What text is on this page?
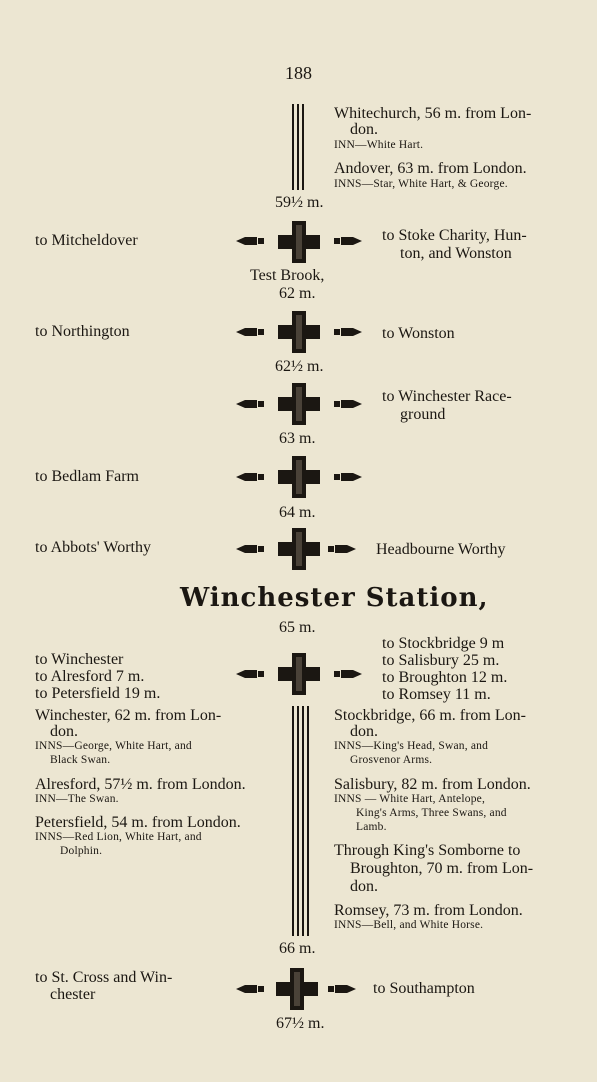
188
Whitechurch, 56 m. from Lon-
don.
INN—White Hart.
Andover, 63 m. from London.
INNS—Star, White Hart, & George.
59½ m.
to Mitcheldover	to Stoke Charity, Hun-
ton, and Wonston
Test Brook,
62 m.
to Northington	to Wonston
62½ m.
to Winchester Race-
ground
63 m.
to Bedlam Farm
64 m.
to Abbots' Worthy	Headbourne Worthy
Winchester Station,
65 m.
to Winchester
to Alresford 7 m.
to Petersfield 19 m.
to Stockbridge 9 m
to Salisbury 25 m.
to Broughton 12 m.
to Romsey 11 m.
Winchester, 62 m. from Lon-
don.
INNS—George, White Hart, and
Black Swan.
Alresford, 57½ m. from London.
INN—The Swan.
Petersfield, 54 m. from London.
INNS—Red Lion, White Hart, and
Dolphin.
Stockbridge, 66 m. from Lon-
don.
INNS—King's Head, Swan, and
Grosvenor Arms.
Salisbury, 82 m. from London.
INNS — White Hart, Antelope,
King's Arms, Three Swans, and
Lamb.
Through King's Somborne to
Broughton, 70 m. from Lon-
don.
Romsey, 73 m. from London.
INNS—Bell, and White Horse.
66 m.
to St. Cross and Win-
chester	to Southampton
67½ m.
